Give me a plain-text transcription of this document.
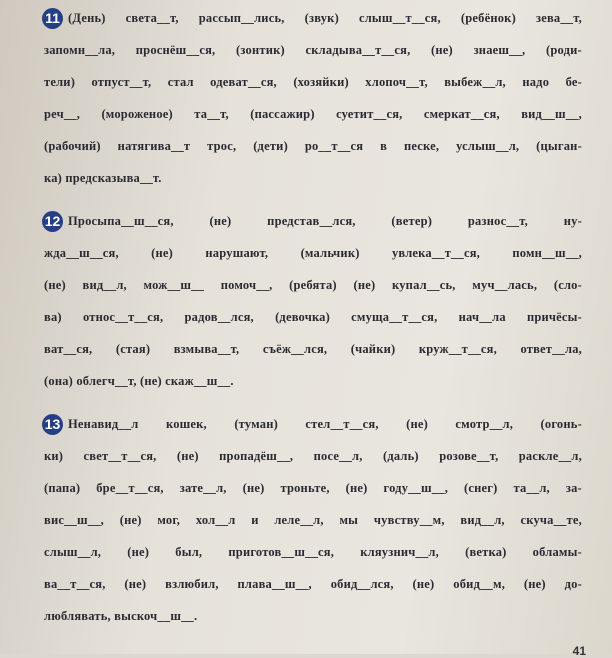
11 (День) света__т, рассып__лись, (звук) слыш__т__ся, (ребёнок) зева__т,
запомн__ла, проснёш__ся, (зонтик) складыва__т__ся, (не) знаеш__, (роди-
тели) отпуст__т, стал одеват__ся, (хозяйки) хлопоч__т, выбеж__л, надо бе-
реч__, (мороженое) та__т, (пассажир) суетит__ся, смеркат__ся, вид__ш__,
(рабочий) натягива__т трос, (дети) ро__т__ся в песке, услыш__л, (цыган-
ка) предсказыва__т.
12 Просыпа__ш__ся,	(не)	представ__лся,	(ветер)	разнос__т,	ну-
жда__ш__ся,	(не)	нарушают,	(мальчик)	увлека__т__ся,	помн__ш__,
(не) вид__л, мож__ш__ помоч__, (ребята) (не) купал__сь, муч__лась, (сло-
ва) относ__т__ся, радов__лся, (девочка) смуща__т__ся, нач__ла причёсы-
ват__ся, (стая) взмыва__т, съёж__лся, (чайки) круж__т__ся, ответ__ла,
(она) облегч__т, (не) скаж__ш__.
13 Ненавид__л кошек, (туман) стел__т__ся, (не) смотр__л, (огонь-
ки) свет__т__ся, (не) пропадёш__, посе__л, (даль) розове__т, раскле__л,
(папа) бре__т__ся, зате__л, (не) троньте, (не) году__ш__, (снег) та__л, за-
вис__ш__, (не) мог, хол__л и леле__л, мы чувству__м, вид__л, скуча__те,
слыш__л, (не) был, приготов__ш__ся, кляузнич__л, (ветка) обламы-
ва__т__ся, (не) взлюбил, плава__ш__, обид__лся, (не) обид__м, (не) до-
люблявать, выскоч__ш__.
41
